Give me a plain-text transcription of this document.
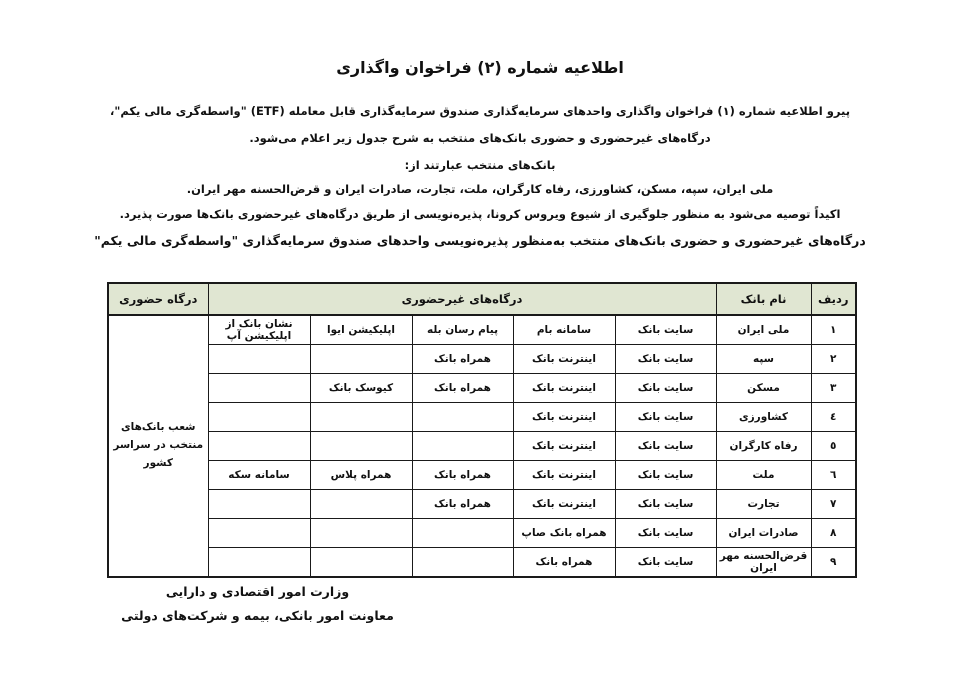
اطلاعیه شماره (۲) فراخوان واگذاری
پیرو اطلاعیه شماره (۱) فراخوان واگذاری واحدهای سرمایه‌گذاری صندوق سرمایه‌گذاری قابل معامله (ETF) "واسطه‌گری مالی یکم"،
درگاه‌های غیرحضوری و حضوری بانک‌های منتخب به شرح جدول زیر اعلام می‌شود.
بانک‌های منتخب عبارتند از:
ملی ایران، سپه، مسکن، کشاورزی، رفاه کارگران، ملت، تجارت، صادرات ایران و قرض‌الحسنه مهر ایران.
اکیداً توصیه می‌شود به منظور جلوگیری از شیوع ویروس کرونا، پذیره‌نویسی از طریق درگاه‌های غیرحضوری بانک‌ها صورت پذیرد.
درگاه‌های غیرحضوری و حضوری بانک‌های منتخب به‌منظور پذیره‌نویسی واحدهای صندوق سرمایه‌گذاری "واسطه‌گری مالی یکم"
ردیف	نام بانک	درگاه‌های غیرحضوری					درگاه حضوری
١	ملی ایران	سایت بانک	سامانه بام	پیام رسان بله	اپلیکیشن ایوا	نشان بانک از اپلیکیشن آپ	شعب بانک‌های منتخب در سراسر کشور
٢	سپه	سایت بانک	اینترنت بانک	همراه بانک			
٣	مسکن	سایت بانک	اینترنت بانک	همراه بانک	کیوسک بانک		
٤	کشاورزی	سایت بانک	اینترنت بانک				
٥	رفاه کارگران	سایت بانک	اینترنت بانک				
٦	ملت	سایت بانک	اینترنت بانک	همراه بانک	همراه پلاس	سامانه سکه	
٧	تجارت	سایت بانک	اینترنت بانک	همراه بانک			
٨	صادرات ایران	سایت بانک	همراه بانک صاپ				
٩	قرض‌الحسنه مهر ایران	سایت بانک	همراه بانک				
وزارت امور اقتصادی و دارایی
معاونت امور بانکی، بیمه و شرکت‌های دولتی
